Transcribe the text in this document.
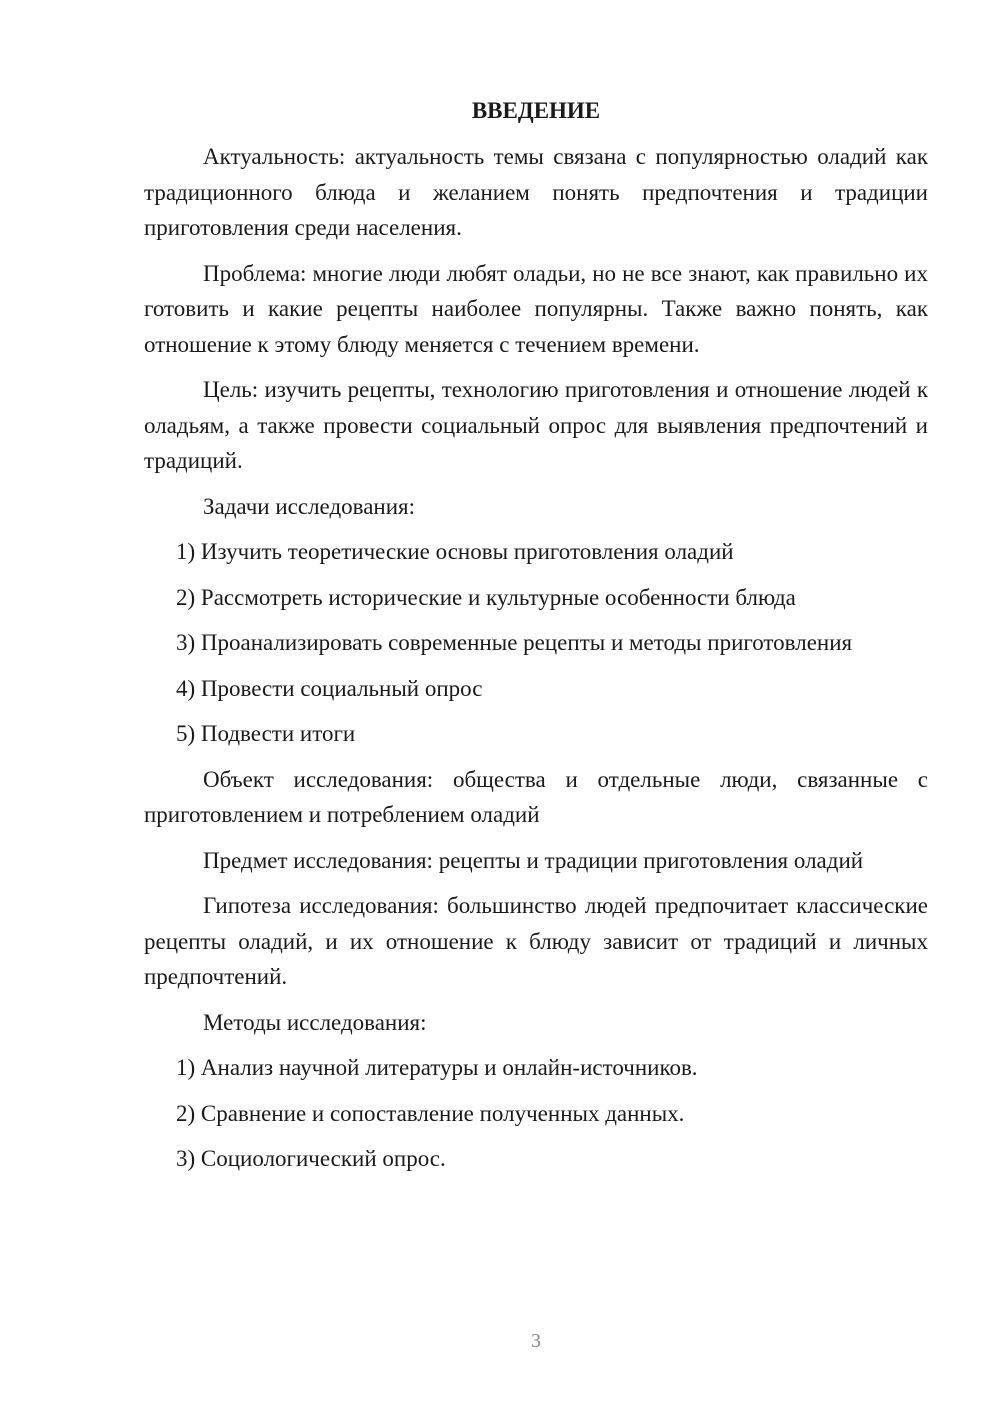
ВВЕДЕНИЕ

Актуальность: актуальность темы связана с популярностью оладий как традиционного блюда и желанием понять предпочтения и традиции приготовления среди населения.

Проблема: многие люди любят оладьи, но не все знают, как правильно их готовить и какие рецепты наиболее популярны. Также важно понять, как отношение к этому блюду меняется с течением времени.

Цель: изучить рецепты, технологию приготовления и отношение людей к оладьям, а также провести социальный опрос для выявления предпочтений и традиций.

Задачи исследования:

1) Изучить теоретические основы приготовления оладий
2) Рассмотреть исторические и культурные особенности блюда
3) Проанализировать современные рецепты и методы приготовления
4) Провести социальный опрос
5) Подвести итоги

Объект исследования: общества и отдельные люди, связанные с приготовлением и потреблением оладий

Предмет исследования: рецепты и традиции приготовления оладий

Гипотеза исследования: большинство людей предпочитает классические рецепты оладий, и их отношение к блюду зависит от традиций и личных предпочтений.

Методы исследования:

1) Анализ научной литературы и онлайн-источников.
2) Сравнение и сопоставление полученных данных.
3) Социологический опрос.
3
